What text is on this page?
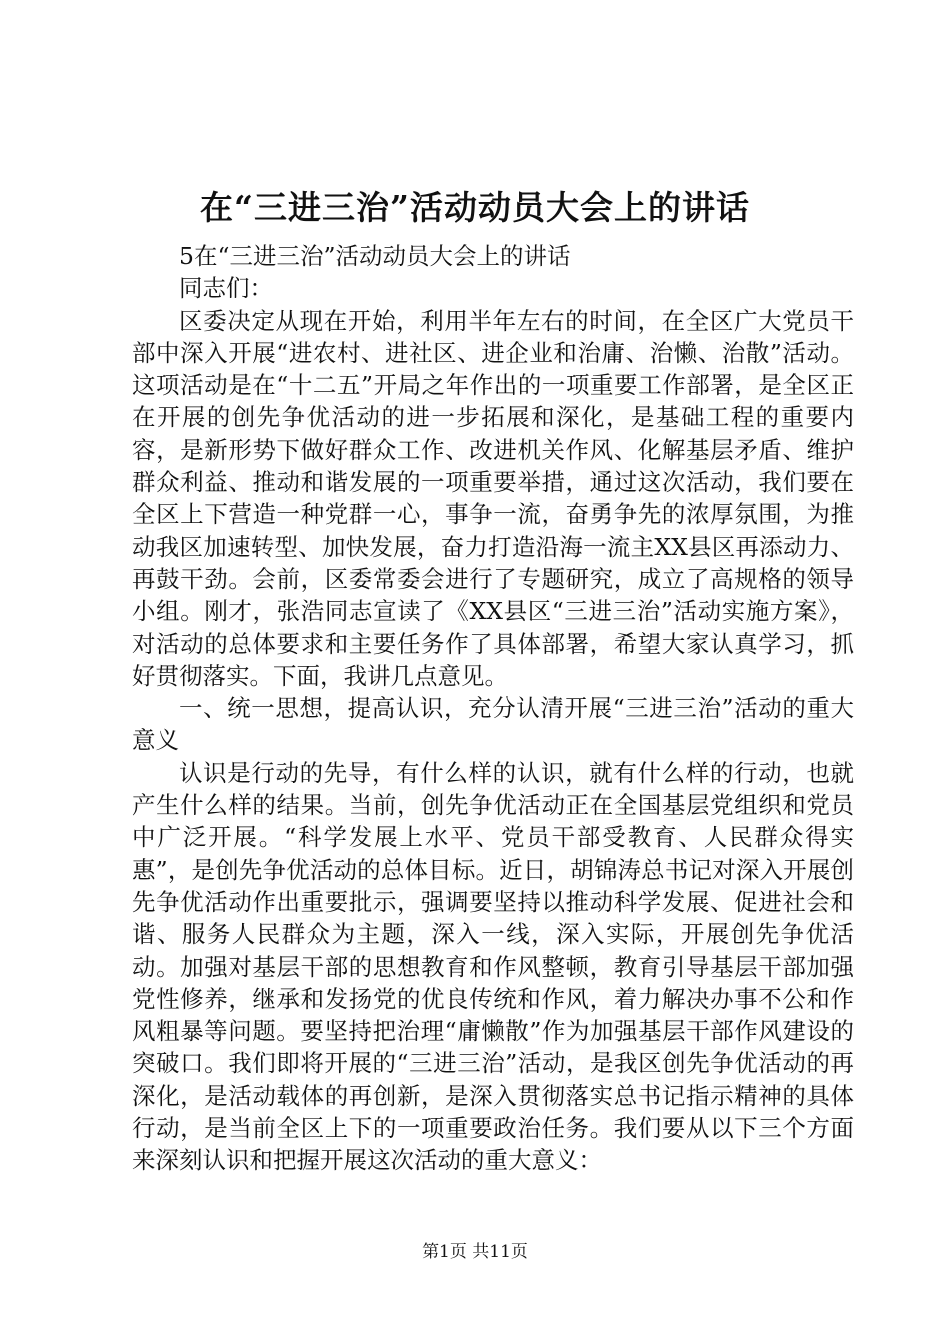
在“三进三治”活动动员大会上的讲话

5在“三进三治”活动动员大会上的讲话

同志们：

区委决定从现在开始，利用半年左右的时间，在全区广大党员干部中深入开展“进农村、进社区、进企业和治庸、治懒、治散”活动。这项活动是在“十二五”开局之年作出的一项重要工作部署，是全区正在开展的创先争优活动的进一步拓展和深化，是基础工程的重要内容，是新形势下做好群众工作、改进机关作风、化解基层矛盾、维护群众利益、推动和谐发展的一项重要举措，通过这次活动，我们要在全区上下营造一种党群一心，事争一流，奋勇争先的浓厚氛围，为推动我区加速转型、加快发展，奋力打造沿海一流主XX县区再添动力、再鼓干劲。会前，区委常委会进行了专题研究，成立了高规格的领导小组。刚才，张浩同志宣读了《XX县区“三进三治”活动实施方案》，对活动的总体要求和主要任务作了具体部署，希望大家认真学习，抓好贯彻落实。下面，我讲几点意见。

一、统一思想，提高认识，充分认清开展“三进三治”活动的重大意义

认识是行动的先导，有什么样的认识，就有什么样的行动，也就产生什么样的结果。当前，创先争优活动正在全国基层党组织和党员中广泛开展。“科学发展上水平、党员干部受教育、人民群众得实惠”，是创先争优活动的总体目标。近日，胡锦涛总书记对深入开展创先争优活动作出重要批示，强调要坚持以推动科学发展、促进社会和谐、服务人民群众为主题，深入一线，深入实际，开展创先争优活动。加强对基层干部的思想教育和作风整顿，教育引导基层干部加强党性修养，继承和发扬党的优良传统和作风，着力解决办事不公和作风粗暴等问题。要坚持把治理“庸懒散”作为加强基层干部作风建设的突破口。我们即将开展的“三进三治”活动，是我区创先争优活动的再深化，是活动载体的再创新，是深入贯彻落实总书记指示精神的具体行动，是当前全区上下的一项重要政治任务。我们要从以下三个方面来深刻认识和把握开展这次活动的重大意义：

第1页 共11页
